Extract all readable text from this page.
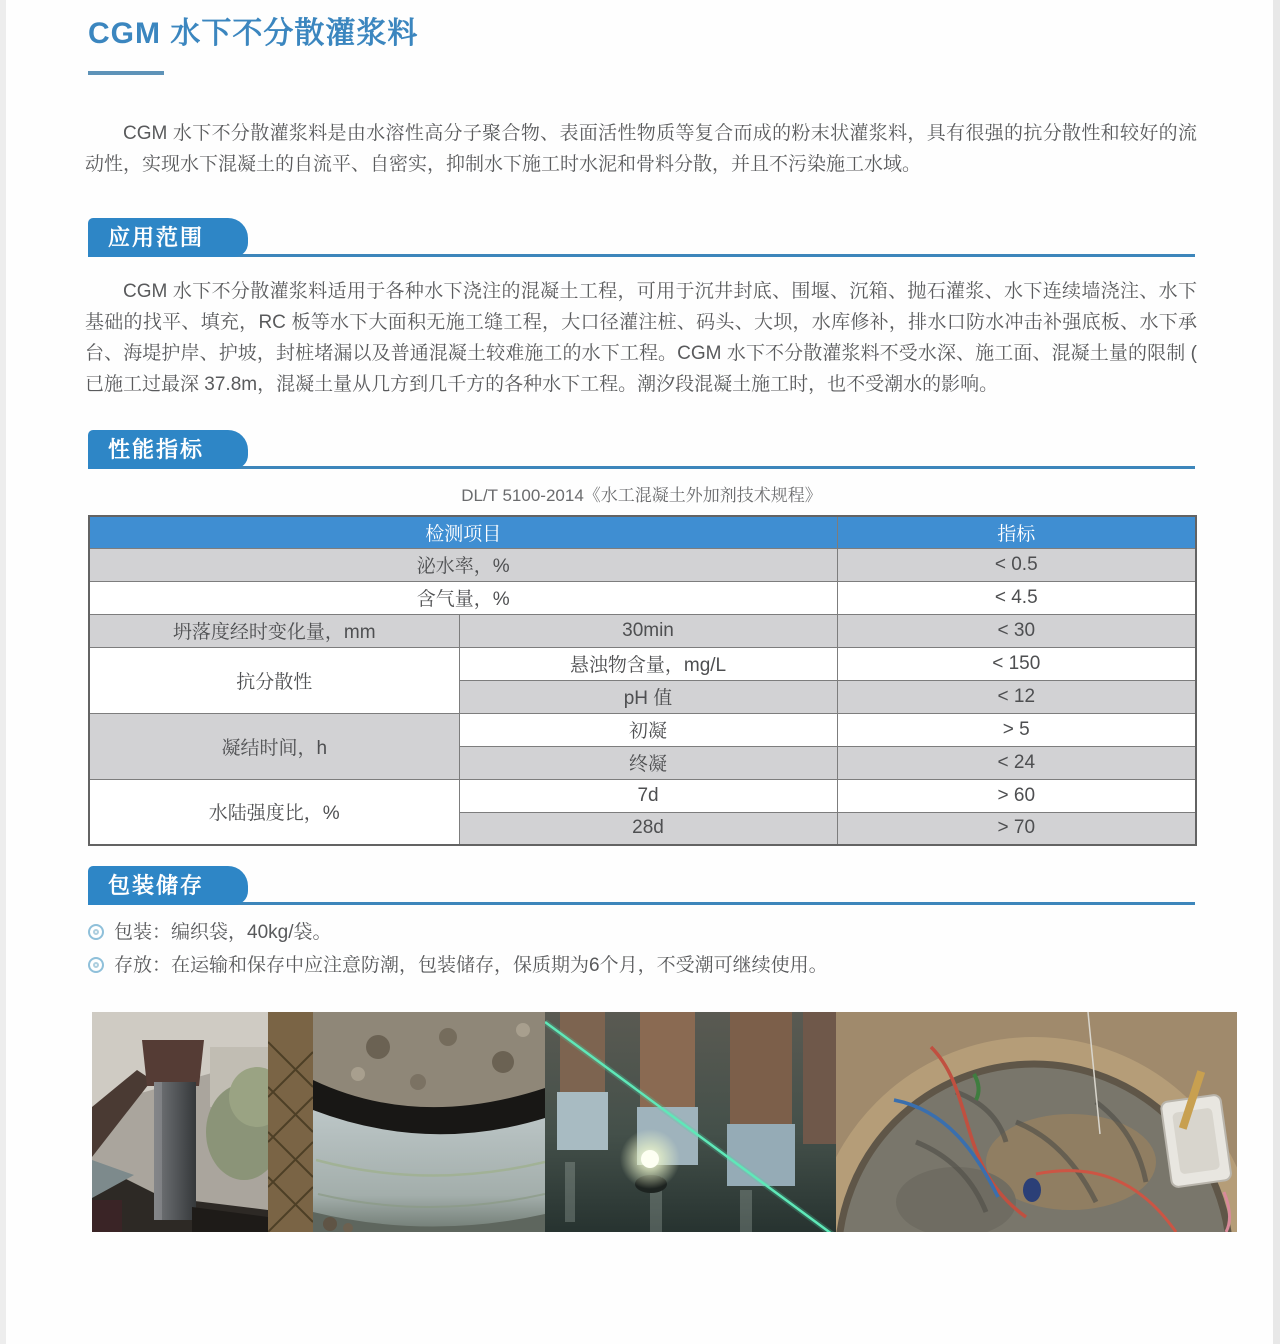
CGM 水下不分散灌浆料
CGM 水下不分散灌浆料是由水溶性高分子聚合物、表面活性物质等复合而成的粉末状灌浆料，具有很强的抗分散性和较好的流动性，实现水下混凝土的自流平、自密实，抑制水下施工时水泥和骨料分散，并且不污染施工水域。
应用范围
CGM 水下不分散灌浆料适用于各种水下浇注的混凝土工程，可用于沉井封底、围堰、沉箱、抛石灌浆、水下连续墙浇注、水下基础的找平、填充，RC 板等水下大面积无施工缝工程，大口径灌注桩、码头、大坝，水库修补，排水口防水冲击补强底板、水下承台、海堤护岸、护坡，封桩堵漏以及普通混凝土较难施工的水下工程。CGM 水下不分散灌浆料不受水深、施工面、混凝土量的限制 ( 已施工过最深 37.8m，混凝土量从几方到几千方的各种水下工程。潮汐段混凝土施工时，也不受潮水的影响。
性能指标
DL/T 5100-2014《水工混凝土外加剂技术规程》
检测项目		指标
泌水率，%		< 0.5
含气量，%		< 4.5
坍落度经时变化量，mm	30min	< 30
抗分散性	悬浊物含量，mg/L	< 150
	pH 值	< 12
凝结时间，h	初凝	> 5
	终凝	< 24
水陆强度比，%	7d	> 60
	28d	> 70
包装储存
包装：编织袋，40kg/袋。
存放：在运输和保存中应注意防潮，包装储存，保质期为6个月，不受潮可继续使用。
